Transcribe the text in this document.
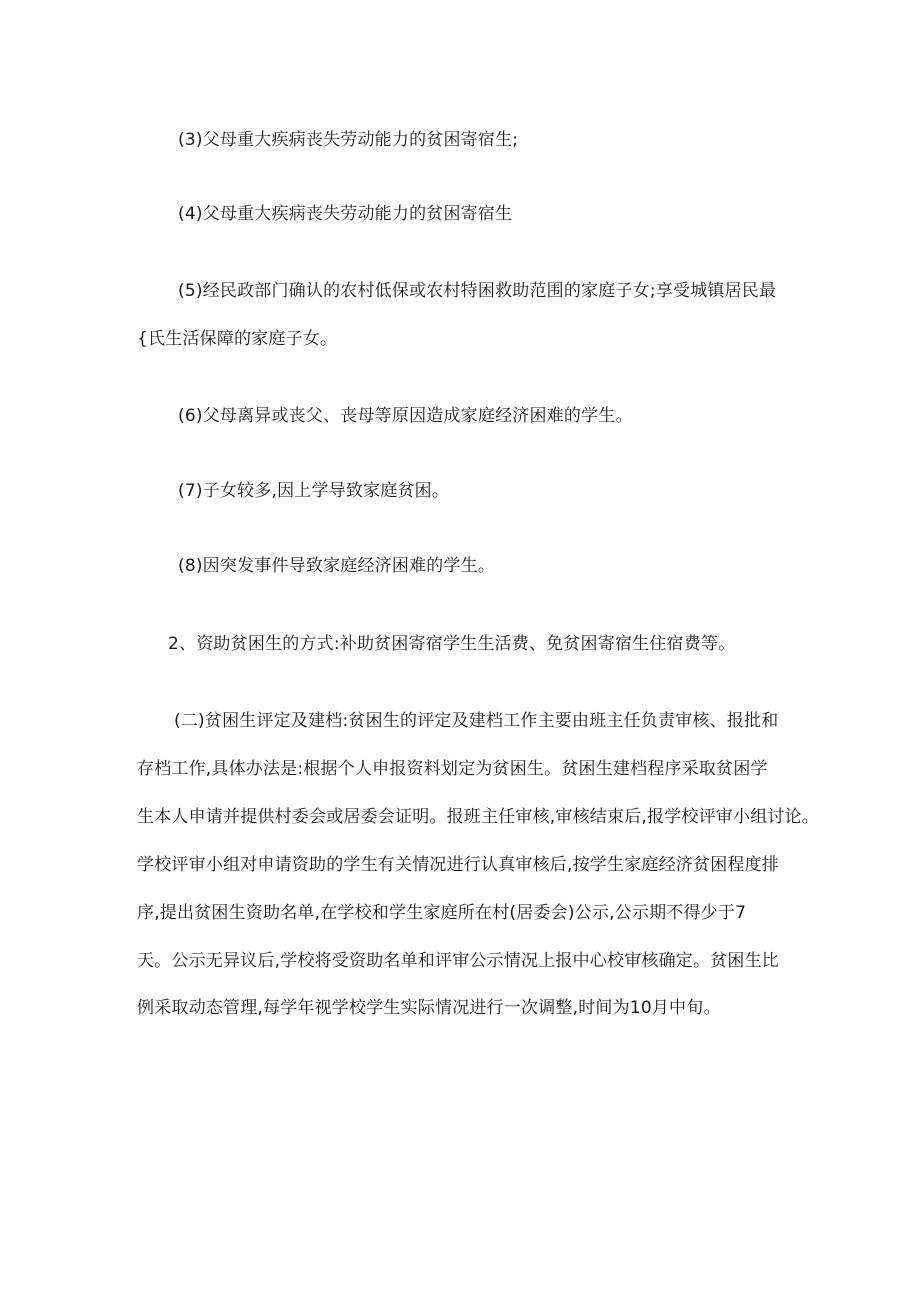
(3)父母重大疾病丧失劳动能力的贫困寄宿生;

(4)父母重大疾病丧失劳动能力的贫困寄宿生

(5)经民政部门确认的农村低保或农村特困救助范围的家庭子女;享受城镇居民最

{氏生活保障的家庭子女。

(6)父母离异或丧父、丧母等原因造成家庭经济困难的学生。

(7)子女较多,因上学导致家庭贫困。

(8)因突发事件导致家庭经济困难的学生。

2、资助贫困生的方式:补助贫困寄宿学生生活费、免贫困寄宿生住宿费等。

(二)贫困生评定及建档:贫困生的评定及建档工作主要由班主任负责审核、报批和

存档工作,具体办法是:根据个人申报资料划定为贫困生。贫困生建档程序采取贫困学

生本人申请并提供村委会或居委会证明。报班主任审核,审核结束后,报学校评审小组讨论。

学校评审小组对申请资助的学生有关情况进行认真审核后,按学生家庭经济贫困程度排

序,提出贫困生资助名单,在学校和学生家庭所在村(居委会)公示,公示期不得少于7

天。公示无异议后,学校将受资助名单和评审公示情况上报中心校审核确定。贫困生比

例采取动态管理,每学年视学校学生实际情况进行一次调整,时间为10月中旬。
